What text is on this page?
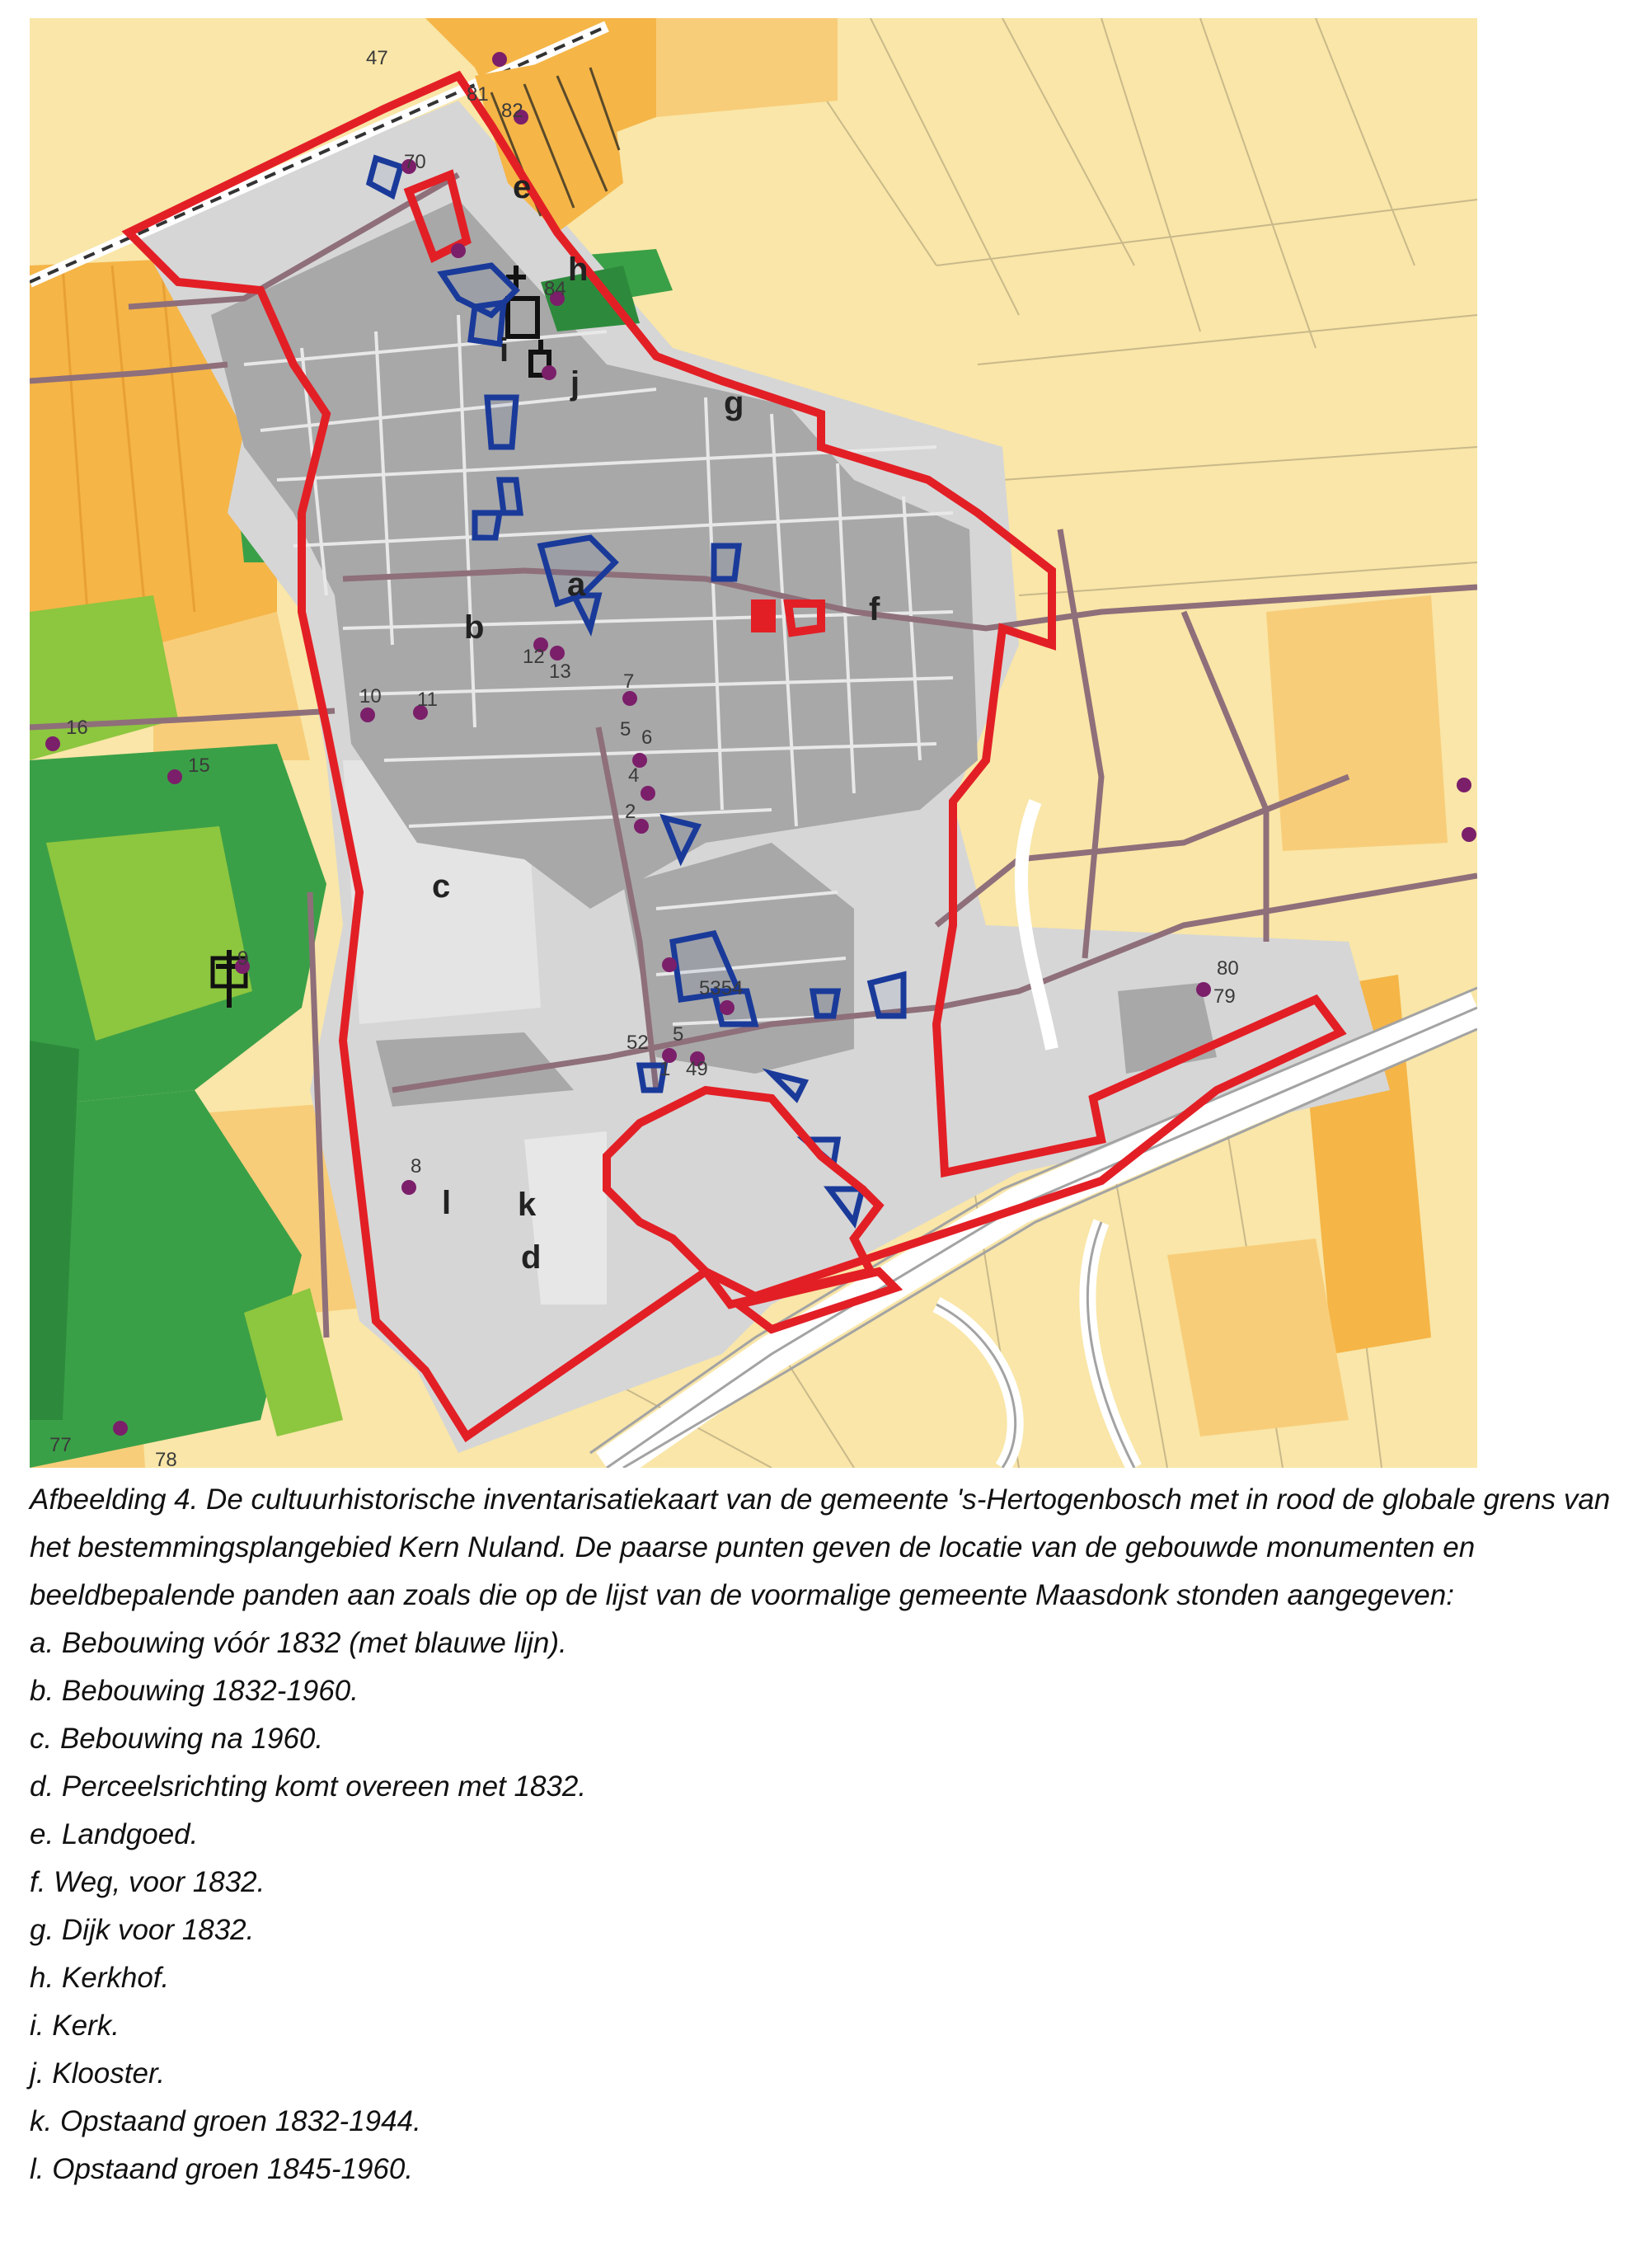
a
b
c
d
e
f
g
h
i
j
k
l
47
81
82
70
84
12
13
10 11
16
15
7
5 6
4
2
9
5354
52 5
1 49
8
80
79
77
78

Afbeelding 4. De cultuurhistorische inventarisatiekaart van de gemeente 's-Hertogenbosch met in rood de globale grens van het bestemmingsplangebied Kern Nuland. De paarse punten geven de locatie van de gebouwde monumenten en beeldbepalende panden aan zoals die op de lijst van de voormalige gemeente Maasdonk stonden aangegeven:

a. Bebouwing vóór 1832 (met blauwe lijn).
b. Bebouwing 1832-1960.
c. Bebouwing na 1960.
d. Perceelsrichting komt overeen met 1832.
e. Landgoed.
f. Weg, voor 1832.
g. Dijk voor 1832.
h. Kerkhof.
i. Kerk.
j. Klooster.
k. Opstaand groen 1832-1944.
l. Opstaand groen 1845-1960.
